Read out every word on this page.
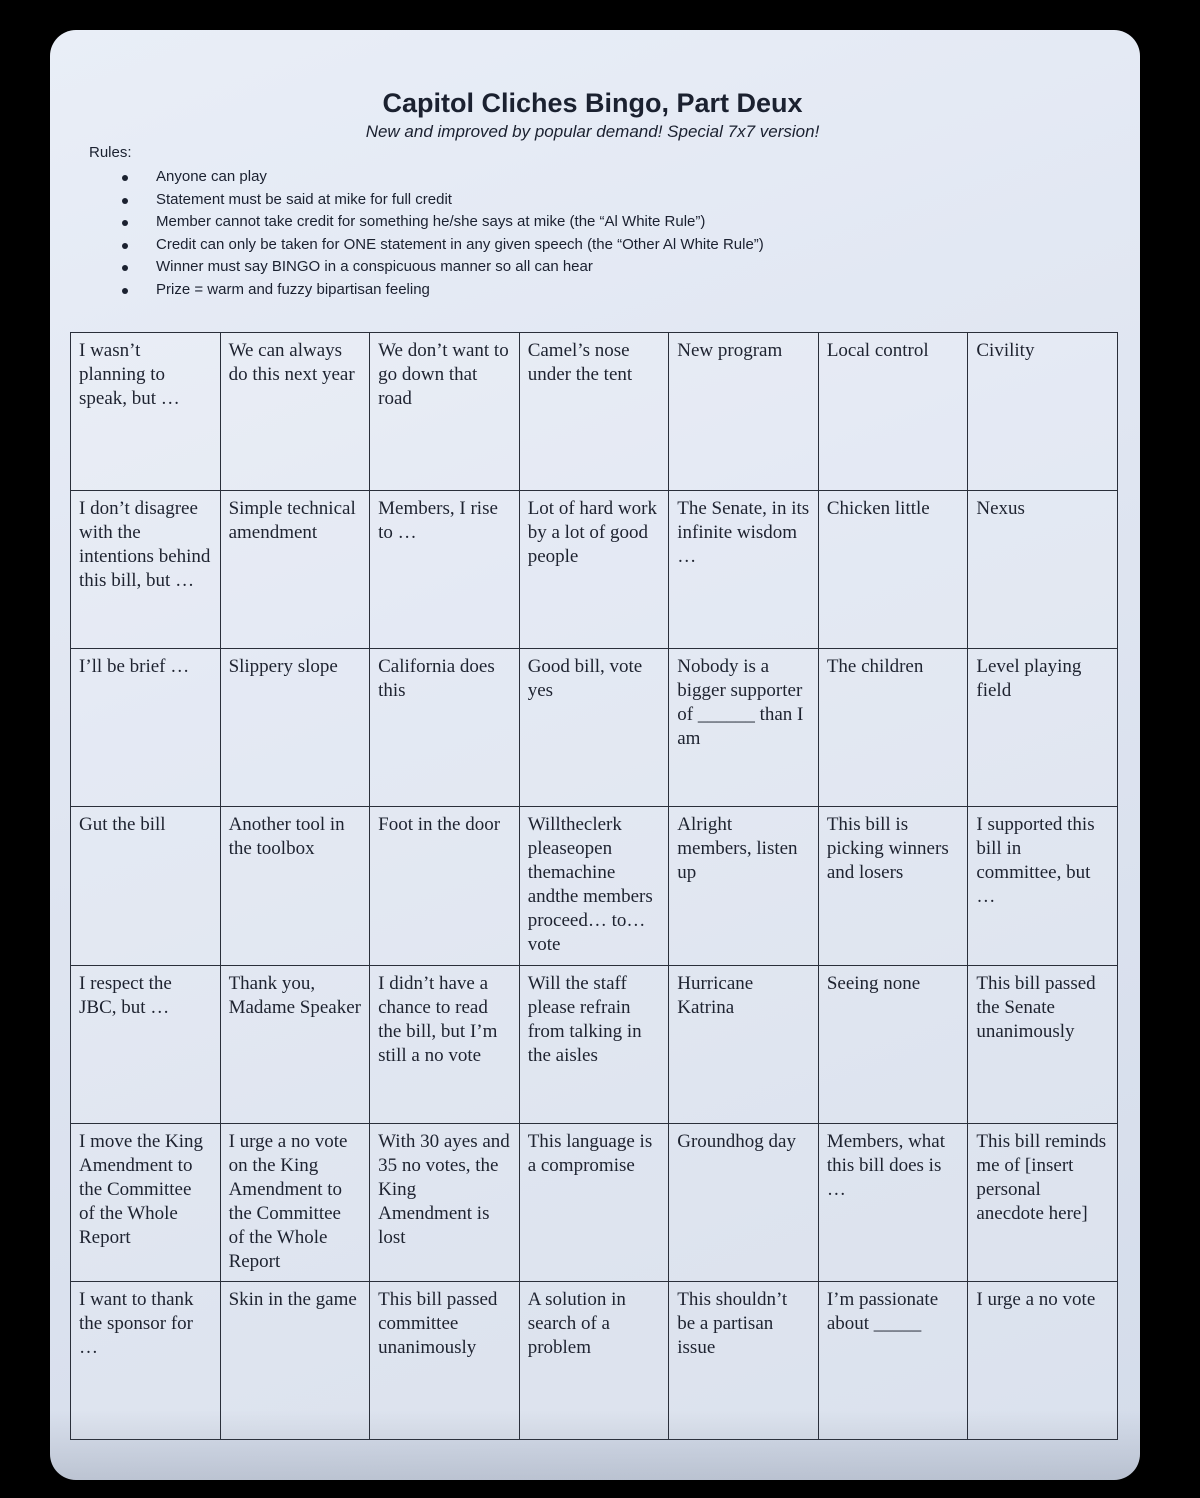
Capitol Cliches Bingo, Part Deux
New and improved by popular demand! Special 7x7 version!
Rules:
Anyone can play
Statement must be said at mike for full credit
Member cannot take credit for something he/she says at mike (the “Al White Rule”)
Credit can only be taken for ONE statement in any given speech (the “Other Al White Rule”)
Winner must say BINGO in a conspicuous manner so all can hear
Prize = warm and fuzzy bipartisan feeling
I wasn’t planning to speak, but …	We can always do this next year	We don’t want to go down that road	Camel’s nose under the tent	New program	Local control	Civility
I don’t disagree with the intentions behind this bill, but …	Simple technical amendment	Members, I rise to …	Lot of hard work by a lot of good people	The Senate, in its infinite wisdom …	Chicken little	Nexus
I’ll be brief …	Slippery slope	California does this	Good bill, vote yes	Nobody is a bigger supporter of ______ than I am	The children	Level playing field
Gut the bill	Another tool in the toolbox	Foot in the door	Willtheclerk pleaseopen themachine andthe members proceed… to… vote	Alright members, listen up	This bill is picking winners and losers	I supported this bill in committee, but …
I respect the JBC, but …	Thank you, Madame Speaker	I didn’t have a chance to read the bill, but I’m still a no vote	Will the staff please refrain from talking in the aisles	Hurricane Katrina	Seeing none	This bill passed the Senate unanimously
I move the King Amendment to the Committee of the Whole Report	I urge a no vote on the King Amendment to the Committee of the Whole Report	With 30 ayes and 35 no votes, the King Amendment is lost	This language is a compromise	Groundhog day	Members, what this bill does is …	This bill reminds me of [insert personal anecdote here]
I want to thank the sponsor for …	Skin in the game	This bill passed committee unanimously	A solution in search of a problem	This shouldn’t be a partisan issue	I’m passionate about _____	I urge a no vote
